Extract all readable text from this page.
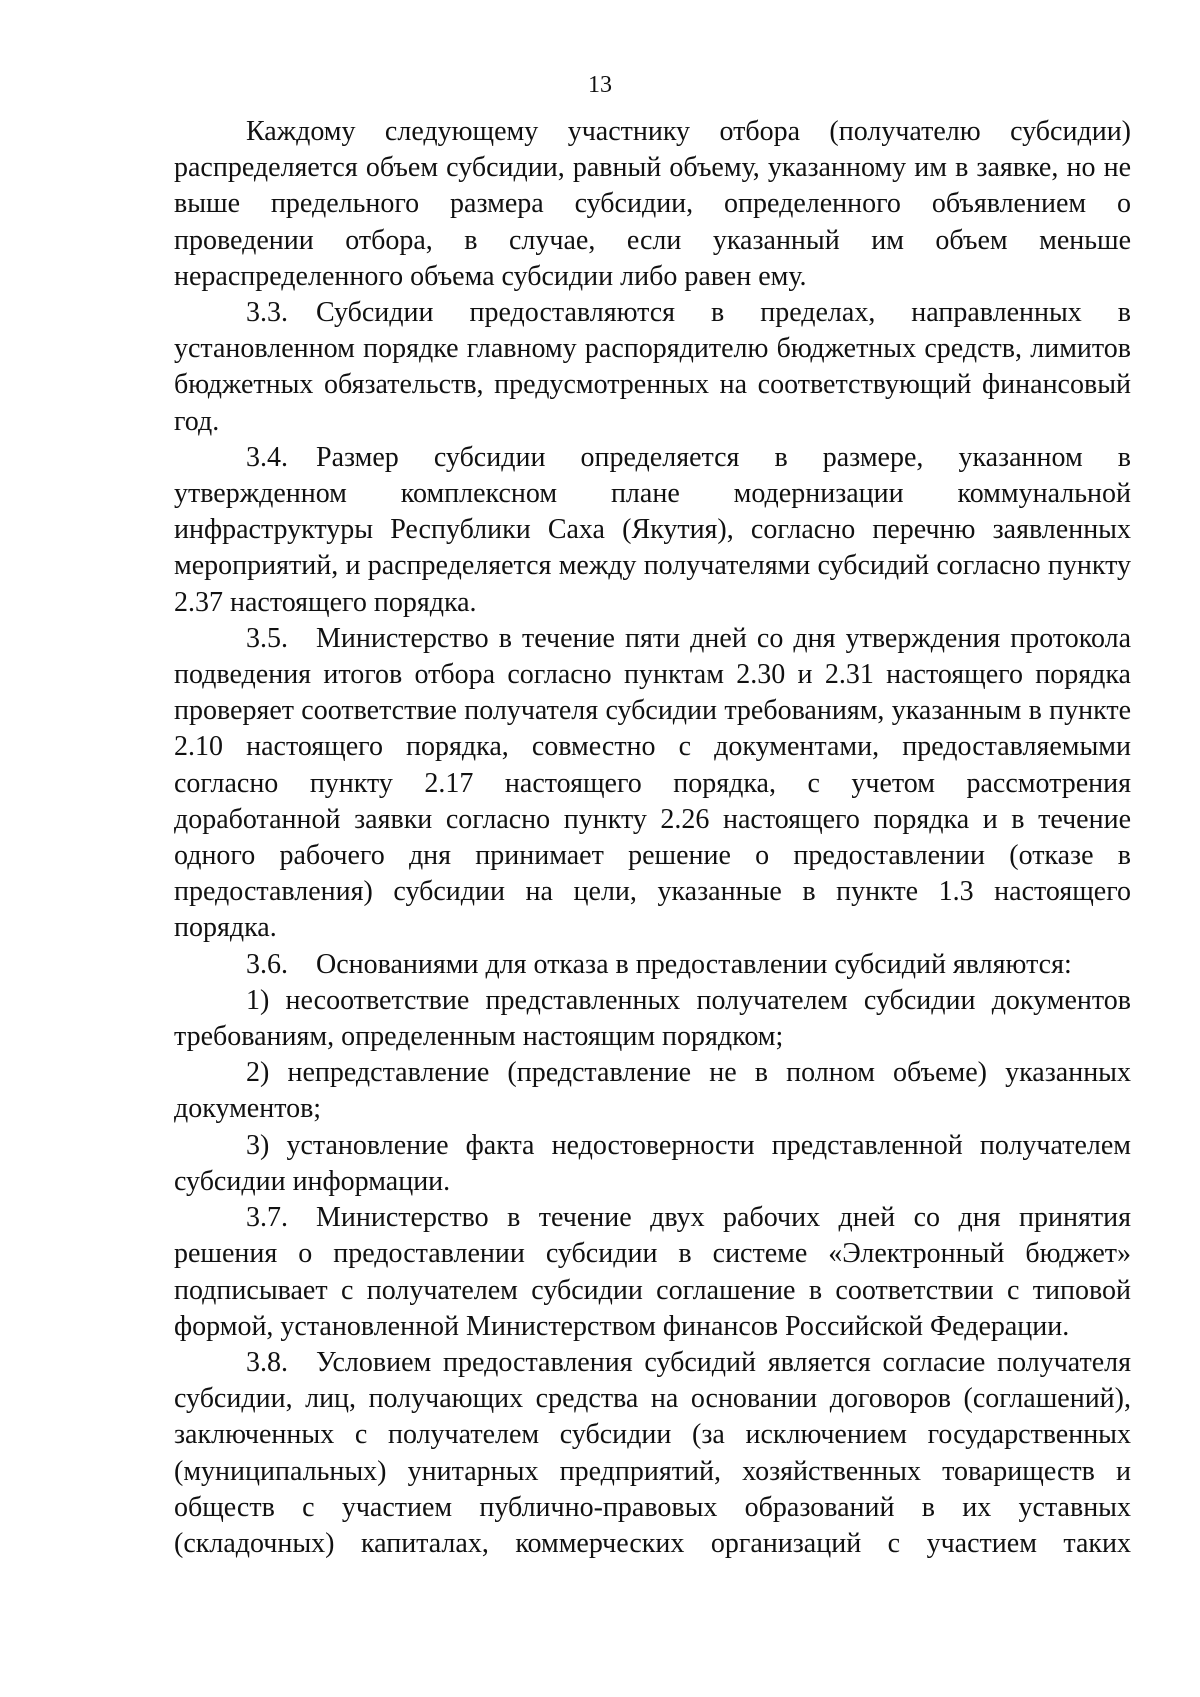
13

Каждому следующему участнику отбора (получателю субсидии) распределяется объем субсидии, равный объему, указанному им в заявке, но не выше предельного размера субсидии, определенного объявлением о проведении отбора, в случае, если указанный им объем меньше нераспределенного объема субсидии либо равен ему.

3.3. Субсидии предоставляются в пределах, направленных в установленном порядке главному распорядителю бюджетных средств, лимитов бюджетных обязательств, предусмотренных на соответствующий финансовый год.

3.4. Размер субсидии определяется в размере, указанном в утвержденном комплексном плане модернизации коммунальной инфраструктуры Республики Саха (Якутия), согласно перечню заявленных мероприятий, и распределяется между получателями субсидий согласно пункту 2.37 настоящего порядка.

3.5. Министерство в течение пяти дней со дня утверждения протокола подведения итогов отбора согласно пунктам 2.30 и 2.31 настоящего порядка проверяет соответствие получателя субсидии требованиям, указанным в пункте 2.10 настоящего порядка, совместно с документами, предоставляемыми согласно пункту 2.17 настоящего порядка, с учетом рассмотрения доработанной заявки согласно пункту 2.26 настоящего порядка и в течение одного рабочего дня принимает решение о предоставлении (отказе в предоставления) субсидии на цели, указанные в пункте 1.3 настоящего порядка.

3.6. Основаниями для отказа в предоставлении субсидий являются:

1) несоответствие представленных получателем субсидии документов требованиям, определенным настоящим порядком;

2) непредставление (представление не в полном объеме) указанных документов;

3) установление факта недостоверности представленной получателем субсидии информации.

3.7. Министерство в течение двух рабочих дней со дня принятия решения о предоставлении субсидии в системе «Электронный бюджет» подписывает с получателем субсидии соглашение в соответствии с типовой формой, установленной Министерством финансов Российской Федерации.

3.8. Условием предоставления субсидий является согласие получателя субсидии, лиц, получающих средства на основании договоров (соглашений), заключенных с получателем субсидии (за исключением государственных (муниципальных) унитарных предприятий, хозяйственных товариществ и обществ с участием публично-правовых образований в их уставных (складочных) капиталах, коммерческих организаций с участием таких
